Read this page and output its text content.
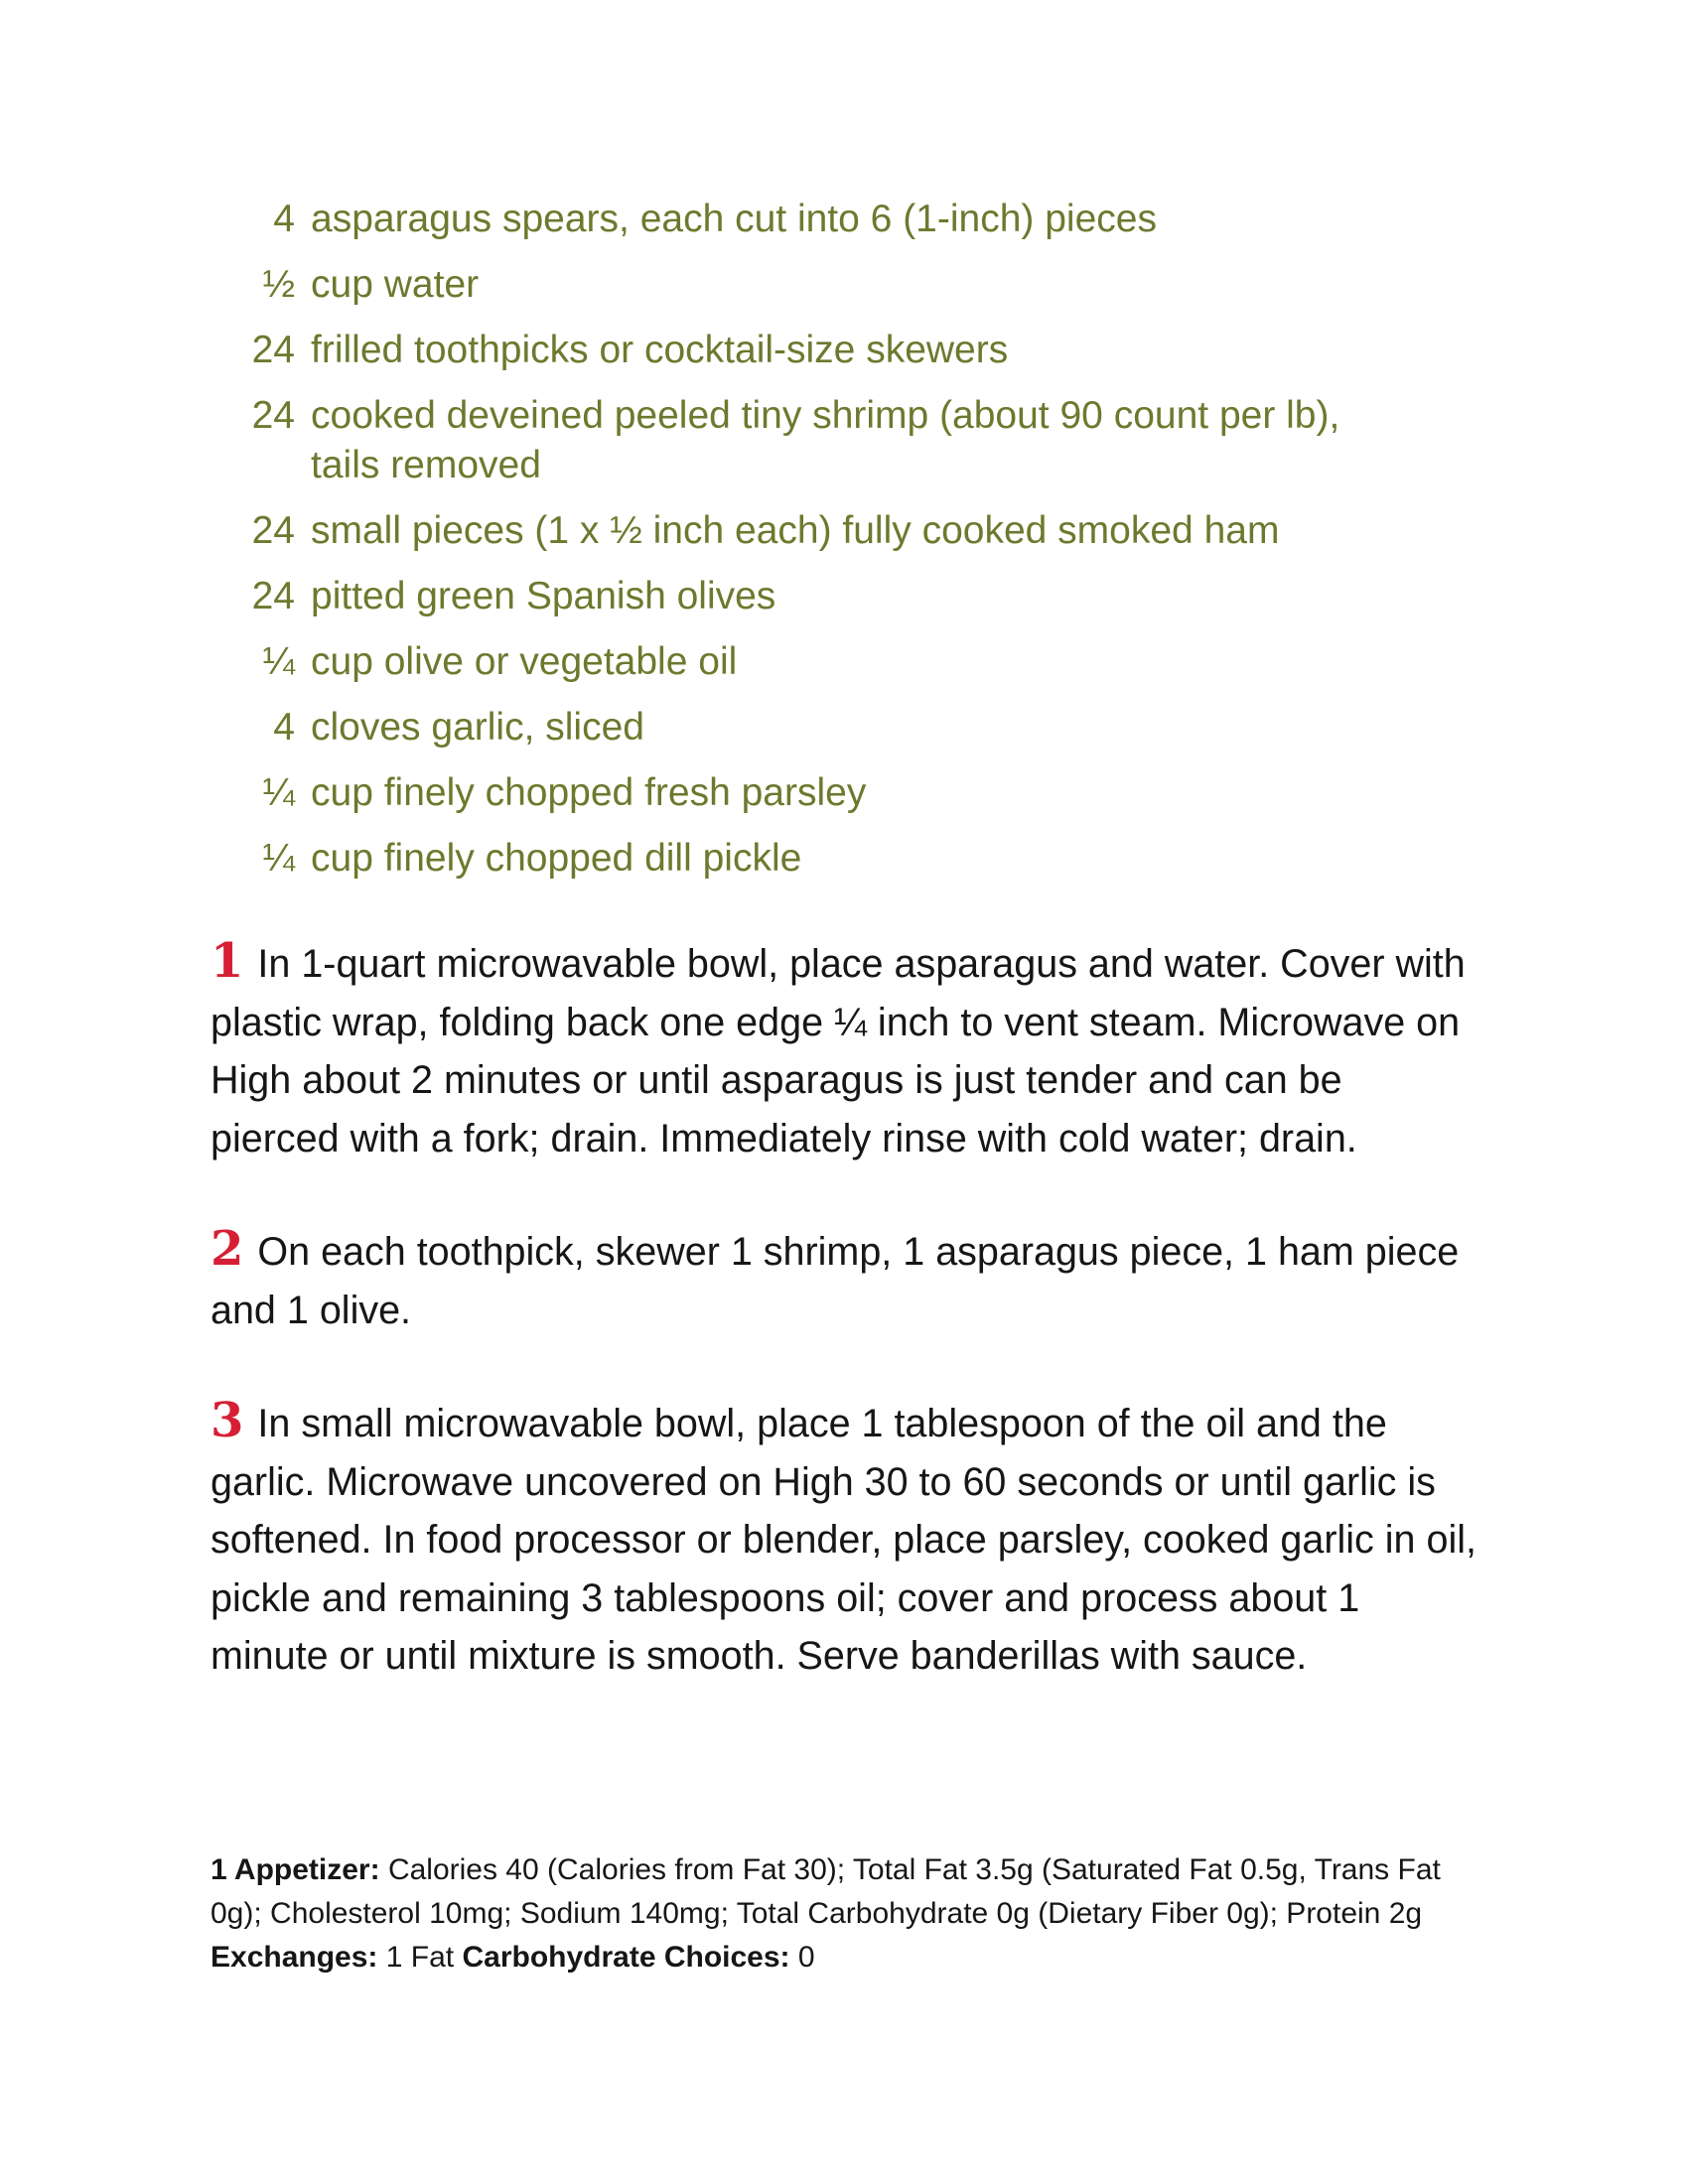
4 asparagus spears, each cut into 6 (1-inch) pieces
½ cup water
24 frilled toothpicks or cocktail-size skewers
24 cooked deveined peeled tiny shrimp (about 90 count per lb), tails removed
24 small pieces (1 x ½ inch each) fully cooked smoked ham
24 pitted green Spanish olives
¼ cup olive or vegetable oil
4 cloves garlic, sliced
¼ cup finely chopped fresh parsley
¼ cup finely chopped dill pickle

1 In 1-quart microwavable bowl, place asparagus and water. Cover with plastic wrap, folding back one edge ¼ inch to vent steam. Microwave on High about 2 minutes or until asparagus is just tender and can be pierced with a fork; drain. Immediately rinse with cold water; drain.

2 On each toothpick, skewer 1 shrimp, 1 asparagus piece, 1 ham piece and 1 olive.

3 In small microwavable bowl, place 1 tablespoon of the oil and the garlic. Microwave uncovered on High 30 to 60 seconds or until garlic is softened. In food processor or blender, place parsley, cooked garlic in oil, pickle and remaining 3 tablespoons oil; cover and process about 1 minute or until mixture is smooth. Serve banderillas with sauce.

1 Appetizer: Calories 40 (Calories from Fat 30); Total Fat 3.5g (Saturated Fat 0.5g, Trans Fat 0g); Cholesterol 10mg; Sodium 140mg; Total Carbohydrate 0g (Dietary Fiber 0g); Protein 2g Exchanges: 1 Fat Carbohydrate Choices: 0
